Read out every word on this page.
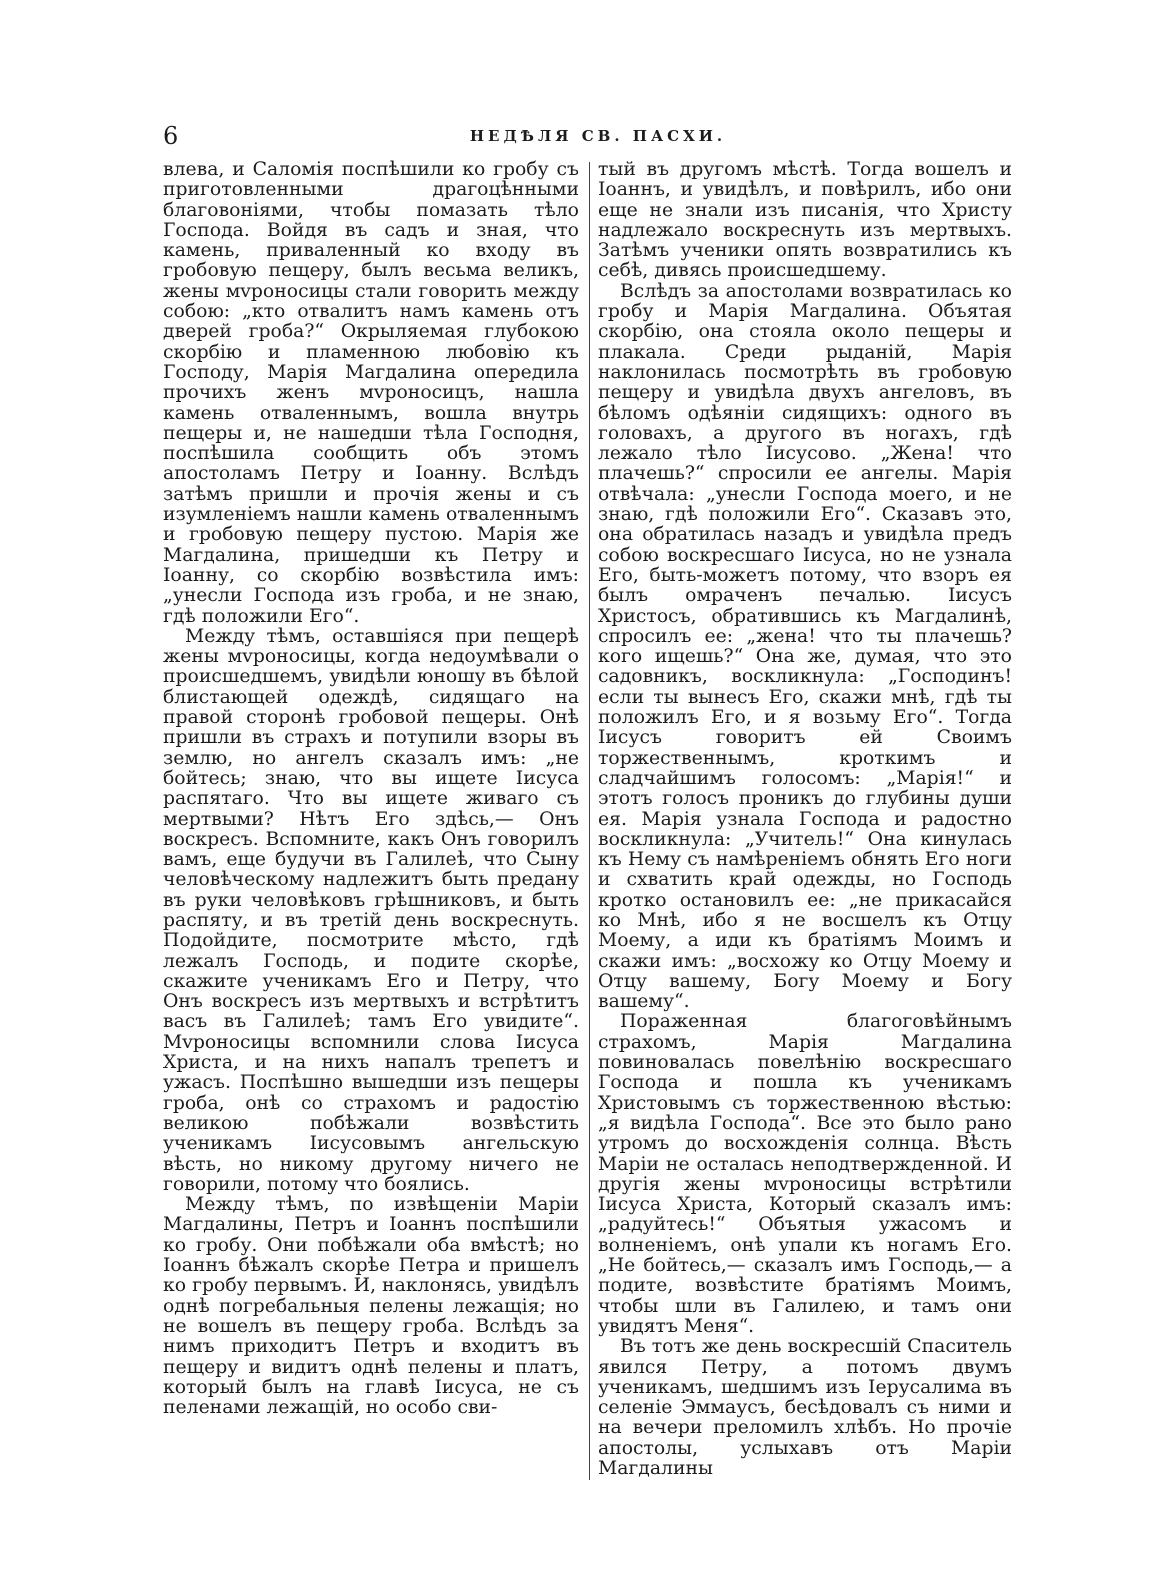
6	НЕДѢЛЯ СВ. ПАСХИ.

влева, и Саломія поспѣшили ко гробу съ приготовленными драгоцѣнными благовоніями, чтобы помазать тѣло Господа. Войдя въ садъ и зная, что камень, приваленный ко входу въ гробовую пещеру, былъ весьма великъ, жены мvроносицы стали говорить между собою: „кто отвалитъ намъ камень отъ дверей гроба?“ Окрыляемая глубокою скорбію и пламенною любовію къ Господу, Марія Магдалина опередила прочихъ женъ мvроносицъ, нашла камень отваленнымъ, вошла внутрь пещеры и, не нашедши тѣла Господня, поспѣшила сообщить объ этомъ апостоламъ Петру и Іоанну. Вслѣдъ затѣмъ пришли и прочія жены и съ изумленіемъ нашли камень отваленнымъ и гробовую пещеру пустою. Марія же Магдалина, пришедши къ Петру и Іоанну, со скорбію возвѣстила имъ: „унесли Господа изъ гроба, и не знаю, гдѣ положили Его“.

Между тѣмъ, оставшіяся при пещерѣ жены мvроносицы, когда недоумѣвали о происшедшемъ, увидѣли юношу въ бѣлой блистающей одеждѣ, сидящаго на правой сторонѣ гробовой пещеры. Онѣ пришли въ страхъ и потупили взоры въ землю, но ангелъ сказалъ имъ: „не бойтесь; знаю, что вы ищете Іисуса распятаго. Что вы ищете живаго съ мертвыми? Нѣтъ Его здѣсь,— Онъ воскресъ. Вспомните, какъ Онъ говорилъ вамъ, еще будучи въ Галилеѣ, что Сыну человѣческому надлежитъ быть предану въ руки человѣковъ грѣшниковъ, и быть распяту, и въ третій день воскреснуть. Подойдите, посмотрите мѣсто, гдѣ лежалъ Господь, и подите скорѣе, скажите ученикамъ Его и Петру, что Онъ воскресъ изъ мертвыхъ и встрѣтитъ васъ въ Галилеѣ; тамъ Его увидите“. Мvроносицы вспомнили слова Іисуса Христа, и на нихъ напалъ трепетъ и ужасъ. Поспѣшно вышедши изъ пещеры гроба, онѣ со страхомъ и радостію великою побѣжали возвѣстить ученикамъ Іисусовымъ ангельскую вѣсть, но никому другому ничего не говорили, потому что боялись.

Между тѣмъ, по извѣщеніи Маріи Магдалины, Петръ и Іоаннъ поспѣшили ко гробу. Они побѣжали оба вмѣстѣ; но Іоаннъ бѣжалъ скорѣе Петра и пришелъ ко гробу первымъ. И, наклонясь, увидѣлъ однѣ погребальныя пелены лежащія; но не вошелъ въ пещеру гроба. Вслѣдъ за нимъ приходитъ Петръ и входитъ въ пещеру и видитъ однѣ пелены и платъ, который былъ на главѣ Іисуса, не съ пеленами лежащій, но особо сви-

тый въ другомъ мѣстѣ. Тогда вошелъ и Іоаннъ, и увидѣлъ, и повѣрилъ, ибо они еще не знали изъ писанія, что Христу надлежало воскреснуть изъ мертвыхъ. Затѣмъ ученики опять возвратились къ себѣ, дивясь происшедшему.

Вслѣдъ за апостолами возвратилась ко гробу и Марія Магдалина. Объятая скорбію, она стояла около пещеры и плакала. Среди рыданій, Марія наклонилась посмотрѣть въ гробовую пещеру и увидѣла двухъ ангеловъ, въ бѣломъ одѣяніи сидящихъ: одного въ головахъ, а другого въ ногахъ, гдѣ лежало тѣло Іисусово. „Жена! что плачешь?“ спросили ее ангелы. Марія отвѣчала: „унесли Господа моего, и не знаю, гдѣ положили Его“. Сказавъ это, она обратилась назадъ и увидѣла предъ собою воскресшаго Іисуса, но не узнала Его, быть-можетъ потому, что взоръ ея былъ омраченъ печалью. Іисусъ Христосъ, обратившись къ Магдалинѣ, спросилъ ее: „жена! что ты плачешь? кого ищешь?“ Она же, думая, что это садовникъ, воскликнула: „Господинъ! если ты вынесъ Его, скажи мнѣ, гдѣ ты положилъ Его, и я возьму Его“. Тогда Іисусъ говоритъ ей Своимъ торжественнымъ, кроткимъ и сладчайшимъ голосомъ: „Марія!“ и этотъ голосъ проникъ до глубины души ея. Марія узнала Господа и радостно воскликнула: „Учитель!“ Она кинулась къ Нему съ намѣреніемъ обнять Его ноги и схватить край одежды, но Господь кротко остановилъ ее: „не прикасайся ко Мнѣ, ибо я не восшелъ къ Отцу Моему, а иди къ братіямъ Моимъ и скажи имъ: „восхожу ко Отцу Моему и Отцу вашему, Богу Моему и Богу вашему“.

Пораженная благоговѣйнымъ страхомъ, Марія Магдалина повиновалась повелѣнію воскресшаго Господа и пошла къ ученикамъ Христовымъ съ торжественною вѣстью: „я видѣла Господа“. Все это было рано утромъ до восхожденія солнца. Вѣсть Маріи не осталась неподтвержденной. И другія жены мvроносицы встрѣтили Іисуса Христа, Который сказалъ имъ: „радуйтесь!“ Объятыя ужасомъ и волненіемъ, онѣ упали къ ногамъ Его. „Не бойтесь,— сказалъ имъ Господь,— а подите, возвѣстите братіямъ Моимъ, чтобы шли въ Галилею, и тамъ они увидятъ Меня“.

Въ тотъ же день воскресшій Спаситель явился Петру, а потомъ двумъ ученикамъ, шедшимъ изъ Іерусалима въ селеніе Эммаусъ, бесѣдовалъ съ ними и на вечери преломилъ хлѣбъ. Но прочіе апостолы, услыхавъ отъ Маріи Магдалины
